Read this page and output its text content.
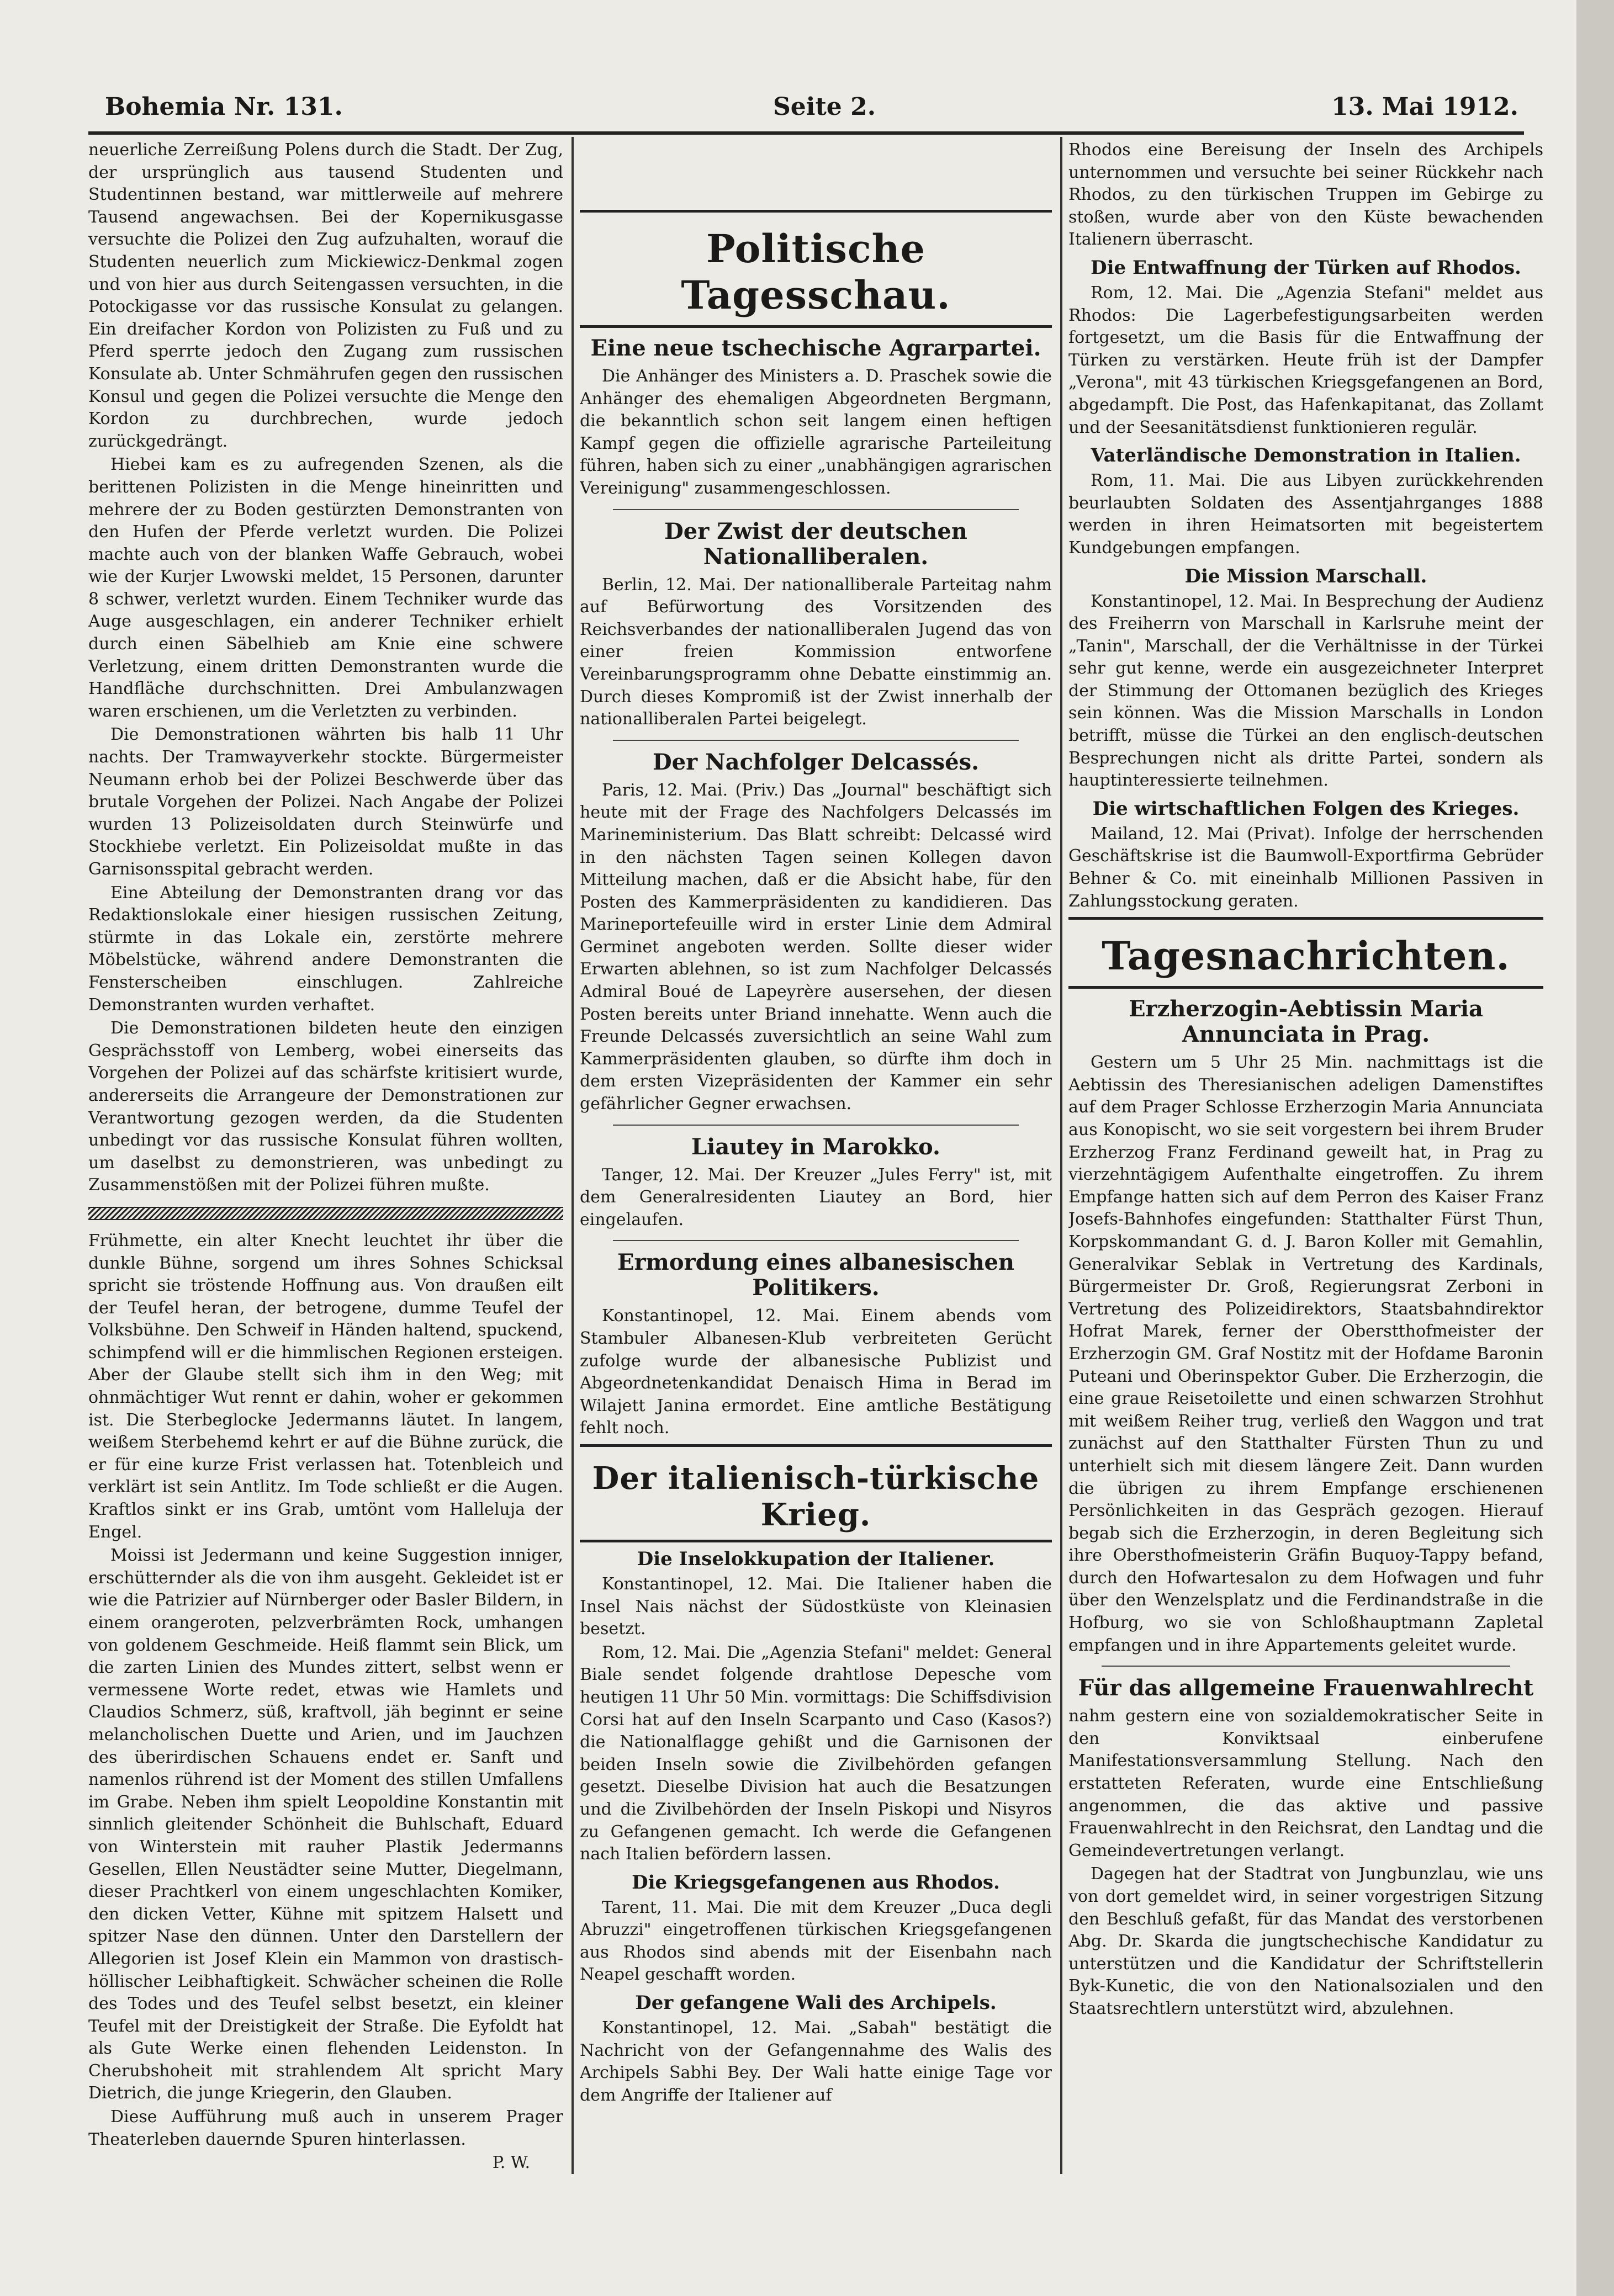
Bohemia Nr. 131.	Seite 2.	13. Mai 1912.

neuerliche Zerreißung Polens durch die Stadt. Der Zug, der ursprünglich aus tausend Studenten und Studentinnen bestand, war mittlerweile auf mehrere Tausend angewachsen. Bei der Kopernikusgasse versuchte die Polizei den Zug aufzuhalten, worauf die Studenten neuerlich zum Mickiewicz-Denkmal zogen und von hier aus durch Seitengassen versuchten, in die Potockigasse vor das russische Konsulat zu gelangen. Ein dreifacher Kordon von Polizisten zu Fuß und zu Pferd sperrte jedoch den Zugang zum russischen Konsulate ab. Unter Schmährufen gegen den russischen Konsul und gegen die Polizei versuchte die Menge den Kordon zu durchbrechen, wurde jedoch zurückgedrängt.

Hiebei kam es zu aufregenden Szenen, als die berittenen Polizisten in die Menge hineinritten und mehrere der zu Boden gestürzten Demonstranten von den Hufen der Pferde verletzt wurden. Die Polizei machte auch von der blanken Waffe Gebrauch, wobei wie der Kurjer Lwowski meldet, 15 Personen, darunter 8 schwer, verletzt wurden. Einem Techniker wurde das Auge ausgeschlagen, ein anderer Techniker erhielt durch einen Säbelhieb am Knie eine schwere Verletzung, einem dritten Demonstranten wurde die Handfläche durchschnitten. Drei Ambulanzwagen waren erschienen, um die Verletzten zu verbinden.

Die Demonstrationen währten bis halb 11 Uhr nachts. Der Tramwayverkehr stockte. Bürgermeister Neumann erhob bei der Polizei Beschwerde über das brutale Vorgehen der Polizei. Nach Angabe der Polizei wurden 13 Polizeisoldaten durch Steinwürfe und Stockhiebe verletzt. Ein Polizeisoldat mußte in das Garnisonsspital gebracht werden.

Eine Abteilung der Demonstranten drang vor das Redaktionslokale einer hiesigen russischen Zeitung, stürmte in das Lokale ein, zerstörte mehrere Möbelstücke, während andere Demonstranten die Fensterscheiben einschlugen. Zahlreiche Demonstranten wurden verhaftet.

Die Demonstrationen bildeten heute den einzigen Gesprächsstoff von Lemberg, wobei einerseits das Vorgehen der Polizei auf das schärfste kritisiert wurde, andererseits die Arrangeure der Demonstrationen zur Verantwortung gezogen werden, da die Studenten unbedingt vor das russische Konsulat führen wollten, um daselbst zu demonstrieren, was unbedingt zu Zusammenstößen mit der Polizei führen mußte.

Frühmette, ein alter Knecht leuchtet ihr über die dunkle Bühne, sorgend um ihres Sohnes Schicksal spricht sie tröstende Hoffnung aus. Von draußen eilt der Teufel heran, der betrogene, dumme Teufel der Volksbühne. Den Schweif in Händen haltend, spuckend, schimpfend will er die himmlischen Regionen ersteigen. Aber der Glaube stellt sich ihm in den Weg; mit ohnmächtiger Wut rennt er dahin, woher er gekommen ist. Die Sterbeglocke Jedermanns läutet. In langem, weißem Sterbehemd kehrt er auf die Bühne zurück, die er für eine kurze Frist verlassen hat. Totenbleich und verklärt ist sein Antlitz. Im Tode schließt er die Augen. Kraftlos sinkt er ins Grab, umtönt vom Halleluja der Engel.

Moissi ist Jedermann und keine Suggestion inniger, erschütternder als die von ihm ausgeht. Gekleidet ist er wie die Patrizier auf Nürnberger oder Basler Bildern, in einem orangeroten, pelzverbrämten Rock, umhangen von goldenem Geschmeide. Heiß flammt sein Blick, um die zarten Linien des Mundes zittert, selbst wenn er vermessene Worte redet, etwas wie Hamlets und Claudios Schmerz, süß, kraftvoll, jäh beginnt er seine melancholischen Duette und Arien, und im Jauchzen des überirdischen Schauens endet er. Sanft und namenlos rührend ist der Moment des stillen Umfallens im Grabe. Neben ihm spielt Leopoldine Konstantin mit sinnlich gleitender Schönheit die Buhlschaft, Eduard von Winterstein mit rauher Plastik Jedermanns Gesellen, Ellen Neustädter seine Mutter, Diegelmann, dieser Prachtkerl von einem ungeschlachten Komiker, den dicken Vetter, Kühne mit spitzem Halsett und spitzer Nase den dünnen. Unter den Darstellern der Allegorien ist Josef Klein ein Mammon von drastisch-höllischer Leibhaftigkeit. Schwächer scheinen die Rolle des Todes und des Teufel selbst besetzt, ein kleiner Teufel mit der Dreistigkeit der Straße. Die Eyfoldt hat als Gute Werke einen flehenden Leidenston. In Cherubshoheit mit strahlendem Alt spricht Mary Dietrich, die junge Kriegerin, den Glauben.

Diese Aufführung muß auch in unserem Prager Theaterleben dauernde Spuren hinterlassen.

P. W.

Politische Tagesschau.
Eine neue tschechische Agrarpartei.

Die Anhänger des Ministers a. D. Praschek sowie die Anhänger des ehemaligen Abgeordneten Bergmann, die bekanntlich schon seit langem einen heftigen Kampf gegen die offizielle agrarische Parteileitung führen, haben sich zu einer „unabhängigen agrarischen Vereinigung" zusammengeschlossen.

Der Zwist der deutschen Nationalliberalen.

Berlin, 12. Mai. Der nationalliberale Parteitag nahm auf Befürwortung des Vorsitzenden des Reichsverbandes der nationalliberalen Jugend das von einer freien Kommission entworfene Vereinbarungsprogramm ohne Debatte einstimmig an. Durch dieses Kompromiß ist der Zwist innerhalb der nationalliberalen Partei beigelegt.

Der Nachfolger Delcassés.

Paris, 12. Mai. (Priv.) Das „Journal" beschäftigt sich heute mit der Frage des Nachfolgers Delcassés im Marineministerium. Das Blatt schreibt: Delcassé wird in den nächsten Tagen seinen Kollegen davon Mitteilung machen, daß er die Absicht habe, für den Posten des Kammerpräsidenten zu kandidieren. Das Marineportefeuille wird in erster Linie dem Admiral Germinet angeboten werden. Sollte dieser wider Erwarten ablehnen, so ist zum Nachfolger Delcassés Admiral Boué de Lapeyrère ausersehen, der diesen Posten bereits unter Briand innehatte. Wenn auch die Freunde Delcassés zuversichtlich an seine Wahl zum Kammerpräsidenten glauben, so dürfte ihm doch in dem ersten Vizepräsidenten der Kammer ein sehr gefährlicher Gegner erwachsen.

Liautey in Marokko.

Tanger, 12. Mai. Der Kreuzer „Jules Ferry" ist, mit dem Generalresidenten Liautey an Bord, hier eingelaufen.

Ermordung eines albanesischen Politikers.

Konstantinopel, 12. Mai. Einem abends vom Stambuler Albanesen-Klub verbreiteten Gerücht zufolge wurde der albanesische Publizist und Abgeordnetenkandidat Denaisch Hima in Berad im Wilajett Janina ermordet. Eine amtliche Bestätigung fehlt noch.

Der italienisch-türkische Krieg.
Die Inselokkupation der Italiener.

Konstantinopel, 12. Mai. Die Italiener haben die Insel Nais nächst der Südostküste von Kleinasien besetzt.

Rom, 12. Mai. Die „Agenzia Stefani" meldet: General Biale sendet folgende drahtlose Depesche vom heutigen 11 Uhr 50 Min. vormittags: Die Schiffsdivision Corsi hat auf den Inseln Scarpanto und Caso (Kasos?) die Nationalflagge gehißt und die Garnisonen der beiden Inseln sowie die Zivilbehörden gefangen gesetzt. Dieselbe Division hat auch die Besatzungen und die Zivilbehörden der Inseln Piskopi und Nisyros zu Gefangenen gemacht. Ich werde die Gefangenen nach Italien befördern lassen.

Die Kriegsgefangenen aus Rhodos.

Tarent, 11. Mai. Die mit dem Kreuzer „Duca degli Abruzzi" eingetroffenen türkischen Kriegsgefangenen aus Rhodos sind abends mit der Eisenbahn nach Neapel geschafft worden.

Der gefangene Wali des Archipels.

Konstantinopel, 12. Mai. „Sabah" bestätigt die Nachricht von der Gefangennahme des Walis des Archipels Sabhi Bey. Der Wali hatte einige Tage vor dem Angriffe der Italiener auf

Rhodos eine Bereisung der Inseln des Archipels unternommen und versuchte bei seiner Rückkehr nach Rhodos, zu den türkischen Truppen im Gebirge zu stoßen, wurde aber von den Küste bewachenden Italienern überrascht.

Die Entwaffnung der Türken auf Rhodos.

Rom, 12. Mai. Die „Agenzia Stefani" meldet aus Rhodos: Die Lagerbefestigungsarbeiten werden fortgesetzt, um die Basis für die Entwaffnung der Türken zu verstärken. Heute früh ist der Dampfer „Verona", mit 43 türkischen Kriegsgefangenen an Bord, abgedampft. Die Post, das Hafenkapitanat, das Zollamt und der Seesanitätsdienst funktionieren regulär.

Vaterländische Demonstration in Italien.

Rom, 11. Mai. Die aus Libyen zurückkehrenden beurlaubten Soldaten des Assentjahrganges 1888 werden in ihren Heimatsorten mit begeistertem Kundgebungen empfangen.

Die Mission Marschall.

Konstantinopel, 12. Mai. In Besprechung der Audienz des Freiherrn von Marschall in Karlsruhe meint der „Tanin", Marschall, der die Verhältnisse in der Türkei sehr gut kenne, werde ein ausgezeichneter Interpret der Stimmung der Ottomanen bezüglich des Krieges sein können. Was die Mission Marschalls in London betrifft, müsse die Türkei an den englisch-deutschen Besprechungen nicht als dritte Partei, sondern als hauptinteressierte teilnehmen.

Die wirtschaftlichen Folgen des Krieges.

Mailand, 12. Mai (Privat). Infolge der herrschenden Geschäftskrise ist die Baumwoll-Exportfirma Gebrüder Behner & Co. mit eineinhalb Millionen Passiven in Zahlungsstockung geraten.

Tagesnachrichten.
Erzherzogin-Aebtissin Maria Annunciata in Prag.

Gestern um 5 Uhr 25 Min. nachmittags ist die Aebtissin des Theresianischen adeligen Damenstiftes auf dem Prager Schlosse Erzherzogin Maria Annunciata aus Konopischt, wo sie seit vorgestern bei ihrem Bruder Erzherzog Franz Ferdinand geweilt hat, in Prag zu vierzehntägigem Aufenthalte eingetroffen. Zu ihrem Empfange hatten sich auf dem Perron des Kaiser Franz Josefs-Bahnhofes eingefunden: Statthalter Fürst Thun, Korpskommandant G. d. J. Baron Koller mit Gemahlin, Generalvikar Seblak in Vertretung des Kardinals, Bürgermeister Dr. Groß, Regierungsrat Zerboni in Vertretung des Polizeidirektors, Staatsbahndirektor Hofrat Marek, ferner der Oberstthofmeister der Erzherzogin GM. Graf Nostitz mit der Hofdame Baronin Puteani und Oberinspektor Guber. Die Erzherzogin, die eine graue Reisetoilette und einen schwarzen Strohhut mit weißem Reiher trug, verließ den Waggon und trat zunächst auf den Statthalter Fürsten Thun zu und unterhielt sich mit diesem längere Zeit. Dann wurden die übrigen zu ihrem Empfange erschienenen Persönlichkeiten in das Gespräch gezogen. Hierauf begab sich die Erzherzogin, in deren Begleitung sich ihre Obersthofmeisterin Gräfin Buquoy-Tappy befand, durch den Hofwartesalon zu dem Hofwagen und fuhr über den Wenzelsplatz und die Ferdinandstraße in die Hofburg, wo sie von Schloßhauptmann Zapletal empfangen und in ihre Appartements geleitet wurde.

Für das allgemeine Frauenwahlrecht

nahm gestern eine von sozialdemokratischer Seite in den Konviktsaal einberufene Manifestationsversammlung Stellung. Nach den erstatteten Referaten, wurde eine Entschließung angenommen, die das aktive und passive Frauenwahlrecht in den Reichsrat, den Landtag und die Gemeindevertretungen verlangt.

Dagegen hat der Stadtrat von Jungbunzlau, wie uns von dort gemeldet wird, in seiner vorgestrigen Sitzung den Beschluß gefaßt, für das Mandat des verstorbenen Abg. Dr. Skarda die jungtschechische Kandidatur zu unterstützen und die Kandidatur der Schriftstellerin Byk-Kunetic, die von den Nationalsozialen und den Staatsrechtlern unterstützt wird, abzulehnen.
